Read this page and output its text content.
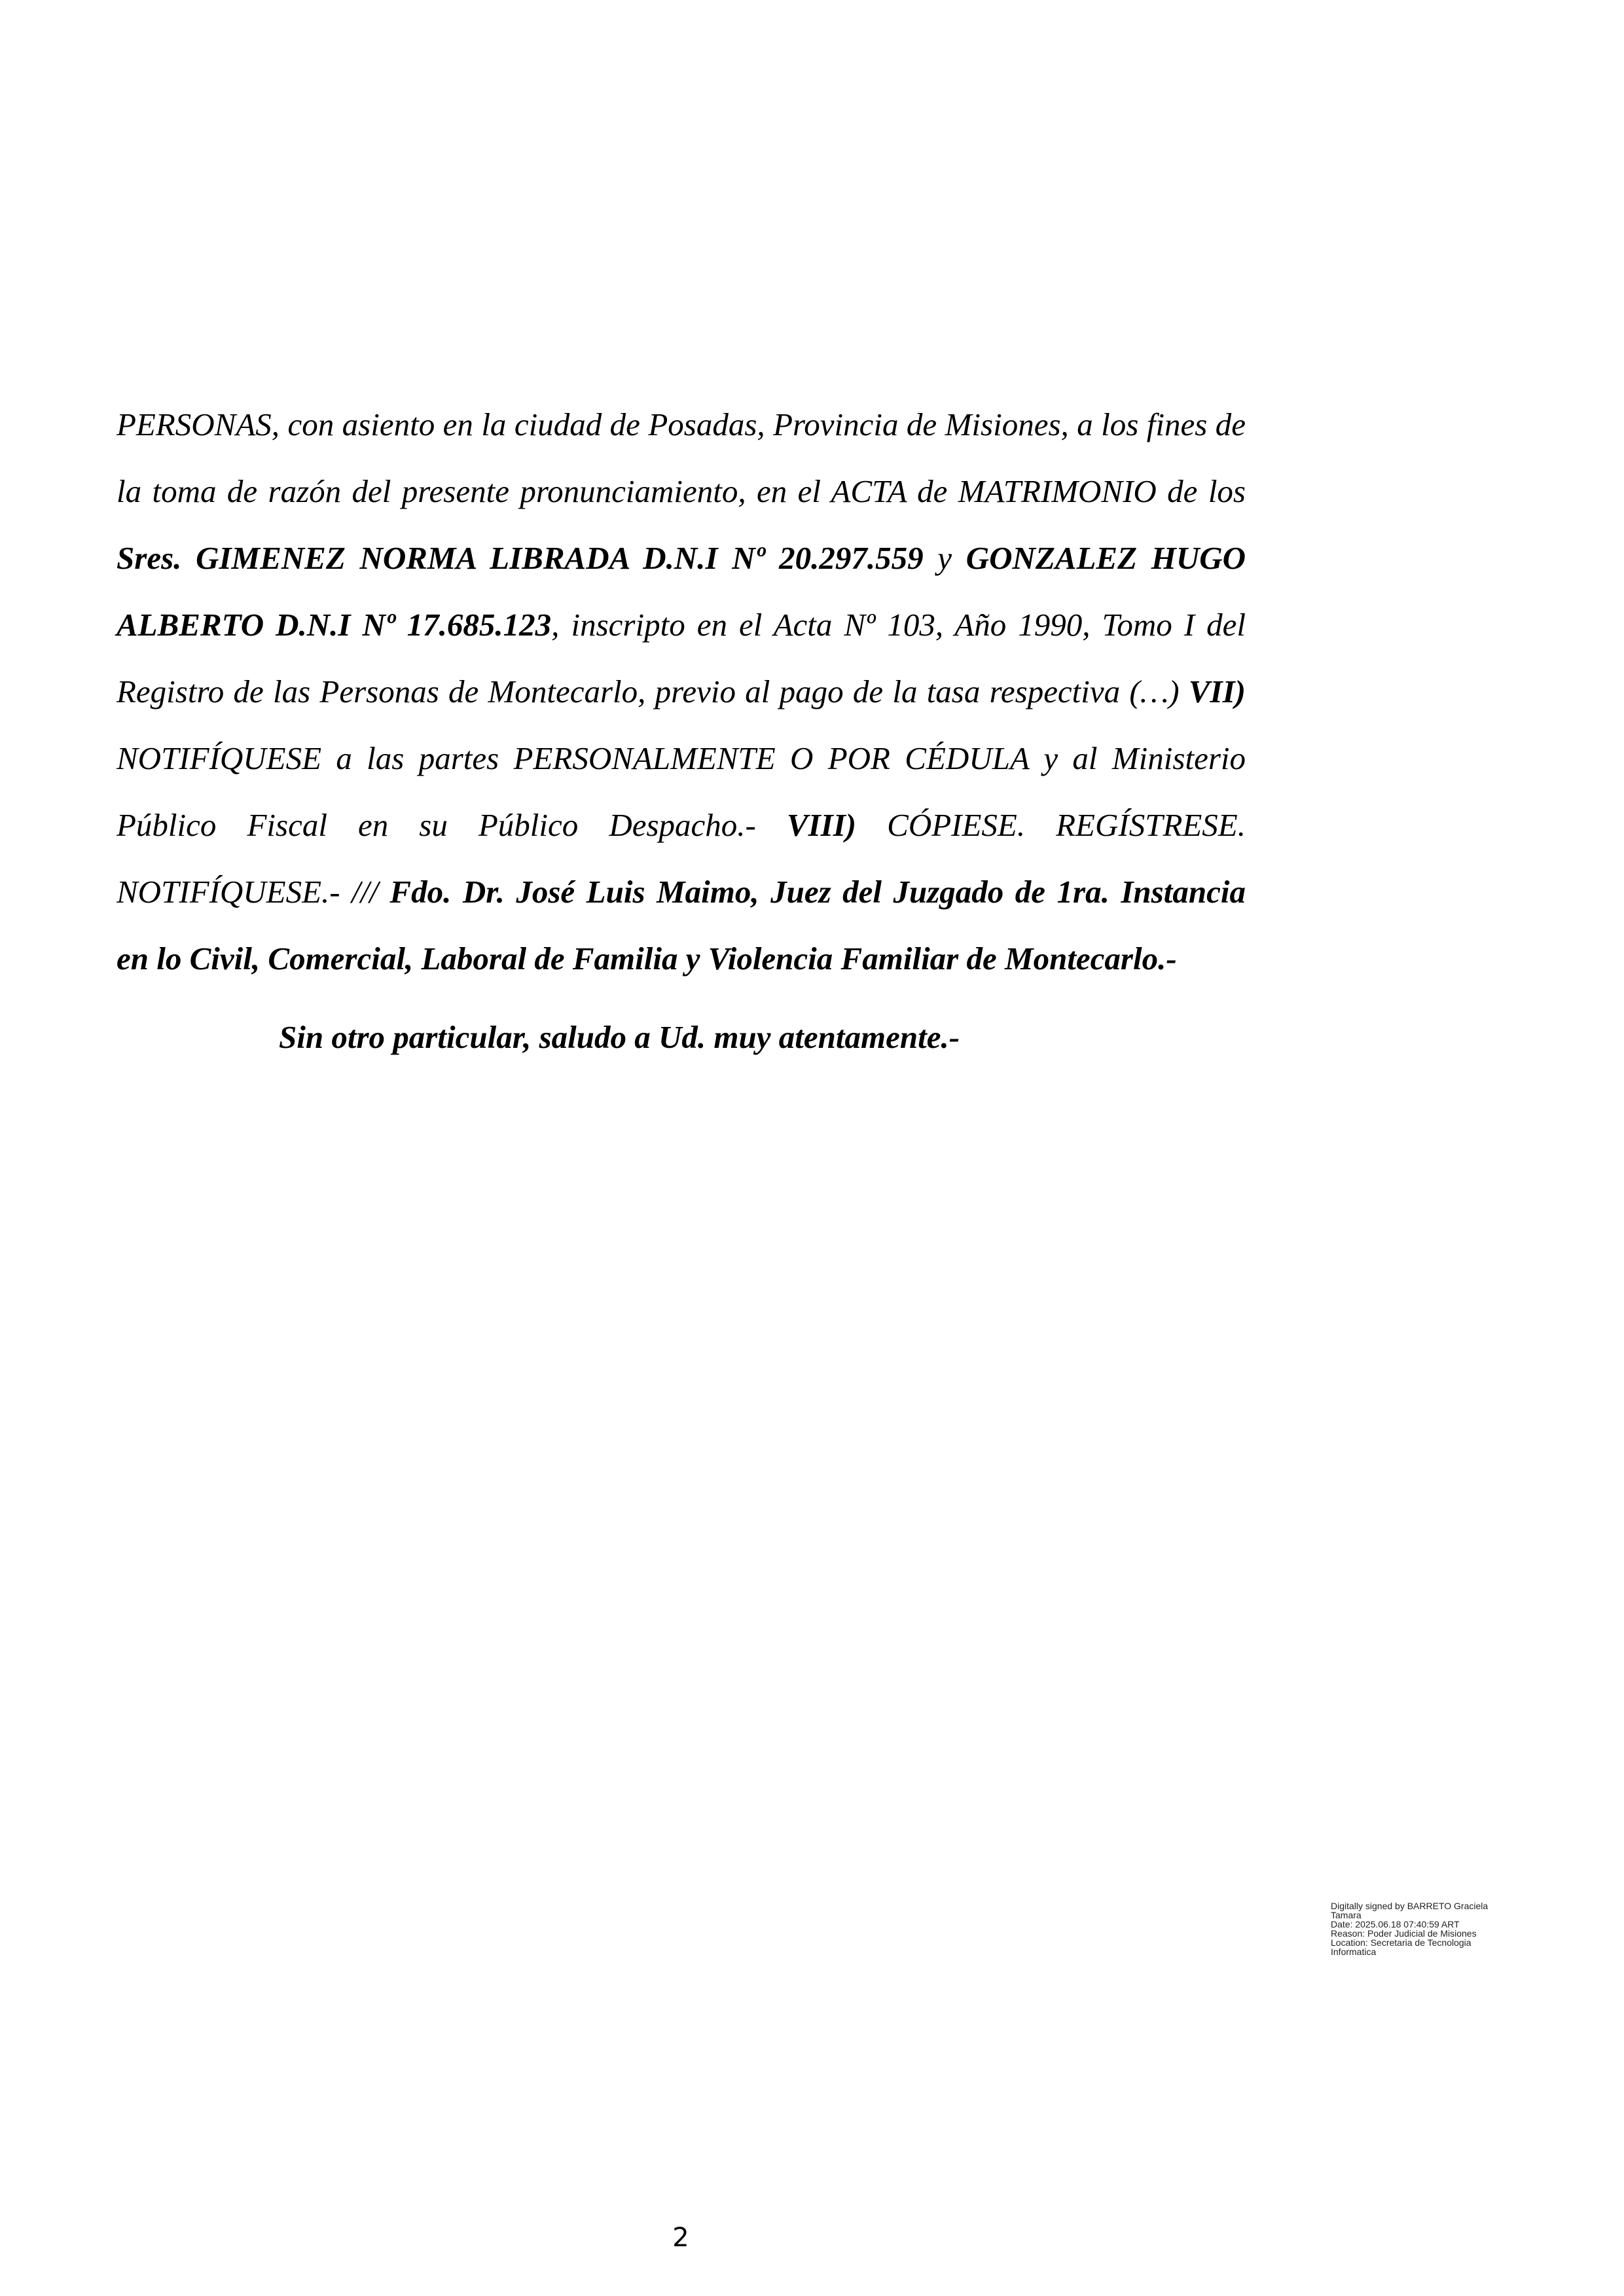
PERSONAS, con asiento en la ciudad de Posadas, Provincia de Misiones, a los fines de
la toma de razón del presente pronunciamiento, en el ACTA de MATRIMONIO de los
Sres. GIMENEZ NORMA LIBRADA D.N.I Nº 20.297.559 y GONZALEZ HUGO
ALBERTO D.N.I Nº 17.685.123, inscripto en el Acta Nº 103, Año 1990, Tomo I del
Registro de las Personas de Montecarlo, previo al pago de la tasa respectiva (…) VII)
NOTIFÍQUESE a las partes PERSONALMENTE O POR CÉDULA y al Ministerio
Público Fiscal en su Público Despacho.- VIII) CÓPIESE. REGÍSTRESE.
NOTIFÍQUESE.- /// Fdo. Dr. José Luis Maimo, Juez del Juzgado de 1ra. Instancia
en lo Civil, Comercial, Laboral de Familia y Violencia Familiar de Montecarlo.-
Sin otro particular, saludo a Ud. muy atentamente.-
Digitally signed by BARRETO Graciela
Tamara
Date: 2025.06.18 07:40:59 ART
Reason: Poder Judicial de Misiones
Location: Secretaria de Tecnologia
Informatica
2
